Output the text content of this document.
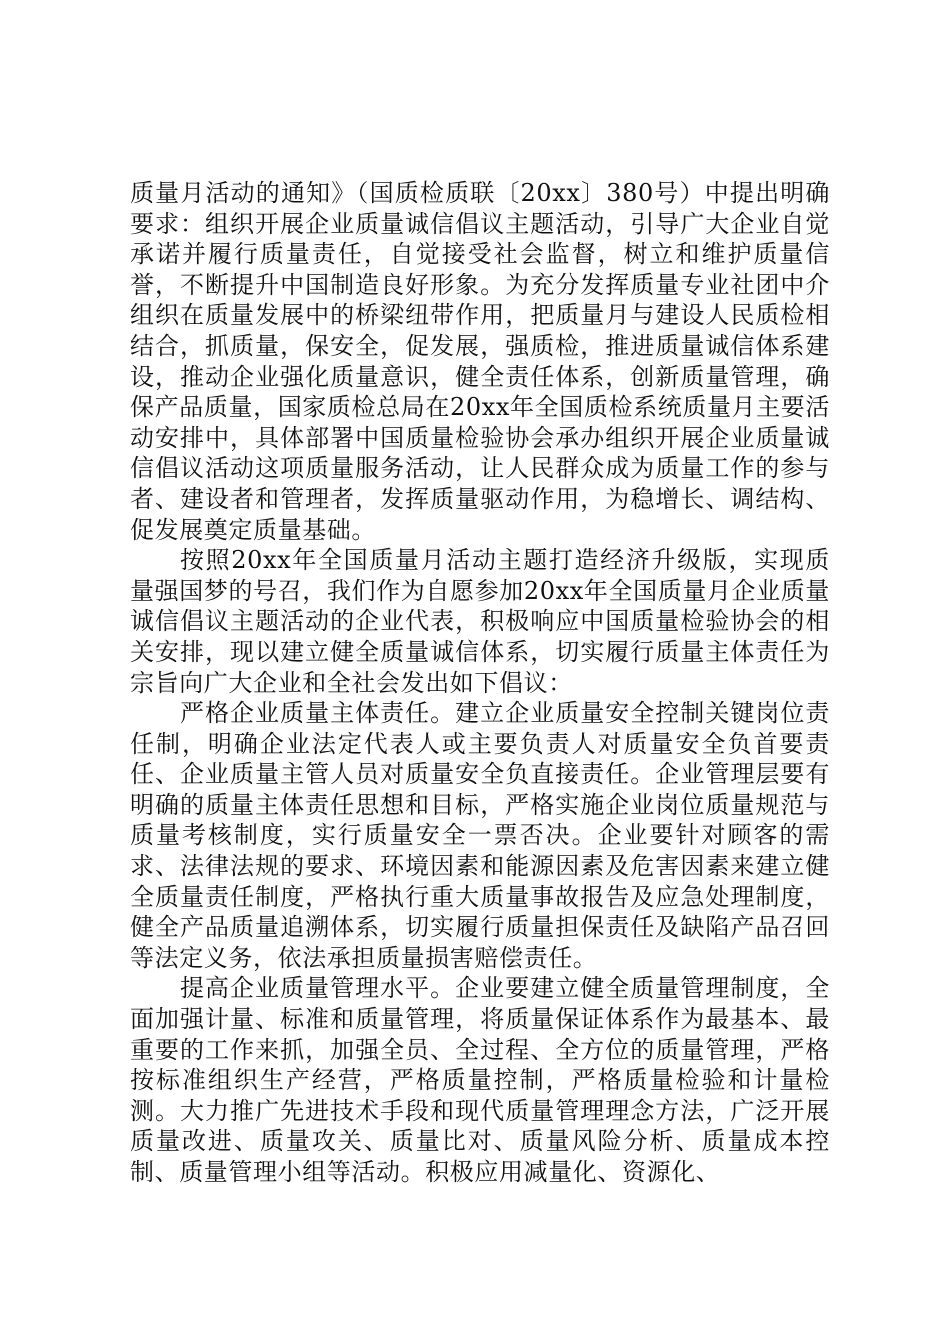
质量月活动的通知》（国质检质联〔20xx〕380号）中提出明确要求：组织开展企业质量诚信倡议主题活动，引导广大企业自觉承诺并履行质量责任，自觉接受社会监督，树立和维护质量信誉，不断提升中国制造良好形象。为充分发挥质量专业社团中介组织在质量发展中的桥梁纽带作用，把质量月与建设人民质检相结合，抓质量，保安全，促发展，强质检，推进质量诚信体系建设，推动企业强化质量意识，健全责任体系，创新质量管理，确保产品质量，国家质检总局在20xx年全国质检系统质量月主要活动安排中，具体部署中国质量检验协会承办组织开展企业质量诚信倡议活动这项质量服务活动，让人民群众成为质量工作的参与者、建设者和管理者，发挥质量驱动作用，为稳增长、调结构、促发展奠定质量基础。

按照20xx年全国质量月活动主题打造经济升级版，实现质量强国梦的号召，我们作为自愿参加20xx年全国质量月企业质量诚信倡议主题活动的企业代表，积极响应中国质量检验协会的相关安排，现以建立健全质量诚信体系，切实履行质量主体责任为宗旨向广大企业和全社会发出如下倡议：

严格企业质量主体责任。建立企业质量安全控制关键岗位责任制，明确企业法定代表人或主要负责人对质量安全负首要责任、企业质量主管人员对质量安全负直接责任。企业管理层要有明确的质量主体责任思想和目标，严格实施企业岗位质量规范与质量考核制度，实行质量安全一票否决。企业要针对顾客的需求、法律法规的要求、环境因素和能源因素及危害因素来建立健全质量责任制度，严格执行重大质量事故报告及应急处理制度，健全产品质量追溯体系，切实履行质量担保责任及缺陷产品召回等法定义务，依法承担质量损害赔偿责任。

提高企业质量管理水平。企业要建立健全质量管理制度，全面加强计量、标准和质量管理，将质量保证体系作为最基本、最重要的工作来抓，加强全员、全过程、全方位的质量管理，严格按标准组织生产经营，严格质量控制，严格质量检验和计量检测。大力推广先进技术手段和现代质量管理理念方法，广泛开展质量改进、质量攻关、质量比对、质量风险分析、质量成本控制、质量管理小组等活动。积极应用减量化、资源化、
